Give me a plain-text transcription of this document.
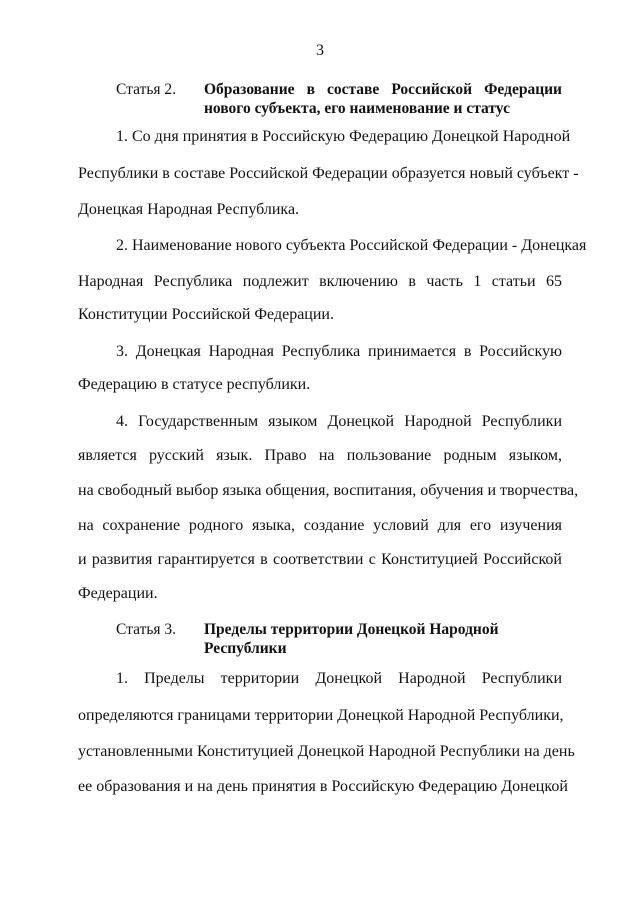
3
Статья 2. Образование в составе Российской Федерации
нового субъекта, его наименование и статус
1. Со дня принятия в Российскую Федерацию Донецкой Народной
Республики в составе Российской Федерации образуется новый субъект -
Донецкая Народная Республика.
2. Наименование нового субъекта Российской Федерации - Донецкая
Народная Республика подлежит включению в часть 1 статьи 65
Конституции Российской Федерации.
3. Донецкая Народная Республика принимается в Российскую
Федерацию в статусе республики.
4. Государственным языком Донецкой Народной Республики
является русский язык. Право на пользование родным языком,
на свободный выбор языка общения, воспитания, обучения и творчества,
на сохранение родного языка, создание условий для его изучения
и развития гарантируется в соответствии с Конституцией Российской
Федерации.
Статья 3. Пределы территории Донецкой Народной
Республики
1. Пределы территории Донецкой Народной Республики
определяются границами территории Донецкой Народной Республики,
установленными Конституцией Донецкой Народной Республики на день
ее образования и на день принятия в Российскую Федерацию Донецкой
